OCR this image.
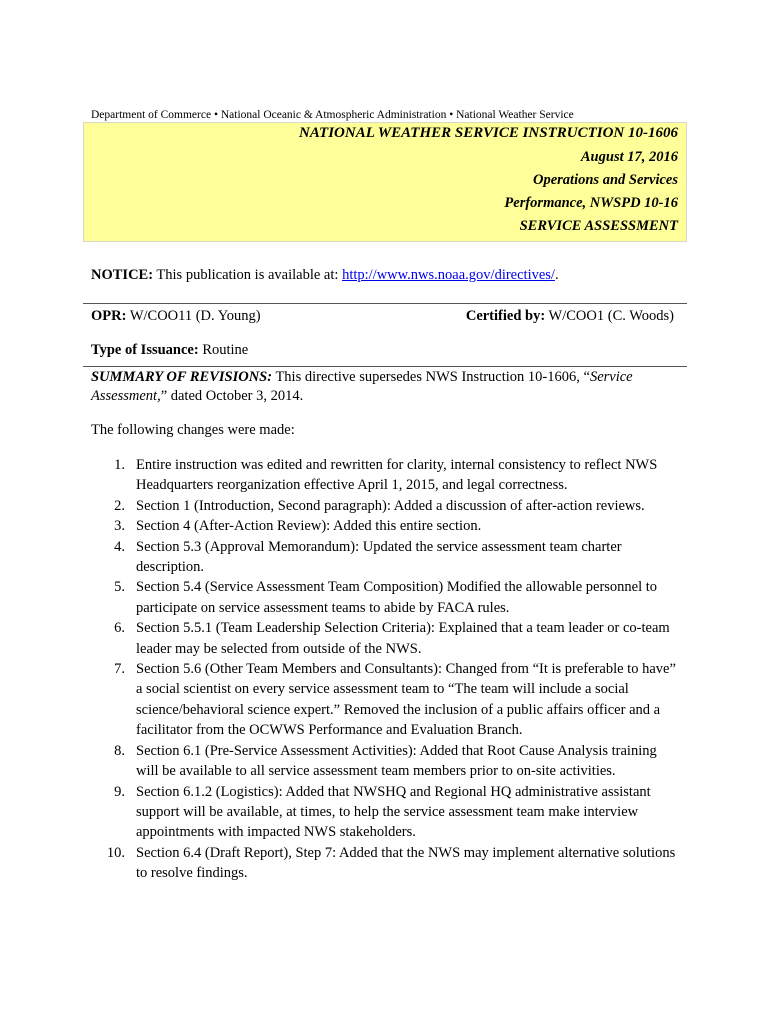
Department of Commerce • National Oceanic & Atmospheric Administration • National Weather Service
NATIONAL WEATHER SERVICE INSTRUCTION 10-1606
August 17, 2016
Operations and Services
Performance, NWSPD 10-16
SERVICE ASSESSMENT
NOTICE: This publication is available at: http://www.nws.noaa.gov/directives/.
OPR: W/COO11 (D. Young)	Certified by: W/COO1 (C. Woods)
Type of Issuance: Routine
SUMMARY OF REVISIONS: This directive supersedes NWS Instruction 10-1606, “Service Assessment,” dated October 3, 2014.
The following changes were made:
1. Entire instruction was edited and rewritten for clarity, internal consistency to reflect NWS Headquarters reorganization effective April 1, 2015, and legal correctness.
2. Section 1 (Introduction, Second paragraph): Added a discussion of after-action reviews.
3. Section 4 (After-Action Review): Added this entire section.
4. Section 5.3 (Approval Memorandum): Updated the service assessment team charter description.
5. Section 5.4 (Service Assessment Team Composition) Modified the allowable personnel to participate on service assessment teams to abide by FACA rules.
6. Section 5.5.1 (Team Leadership Selection Criteria): Explained that a team leader or co-team leader may be selected from outside of the NWS.
7. Section 5.6 (Other Team Members and Consultants): Changed from “It is preferable to have” a social scientist on every service assessment team to “The team will include a social science/behavioral science expert.” Removed the inclusion of a public affairs officer and a facilitator from the OCWWS Performance and Evaluation Branch.
8. Section 6.1 (Pre-Service Assessment Activities): Added that Root Cause Analysis training will be available to all service assessment team members prior to on-site activities.
9. Section 6.1.2 (Logistics): Added that NWSHQ and Regional HQ administrative assistant support will be available, at times, to help the service assessment team make interview appointments with impacted NWS stakeholders.
10. Section 6.4 (Draft Report), Step 7: Added that the NWS may implement alternative solutions to resolve findings.
